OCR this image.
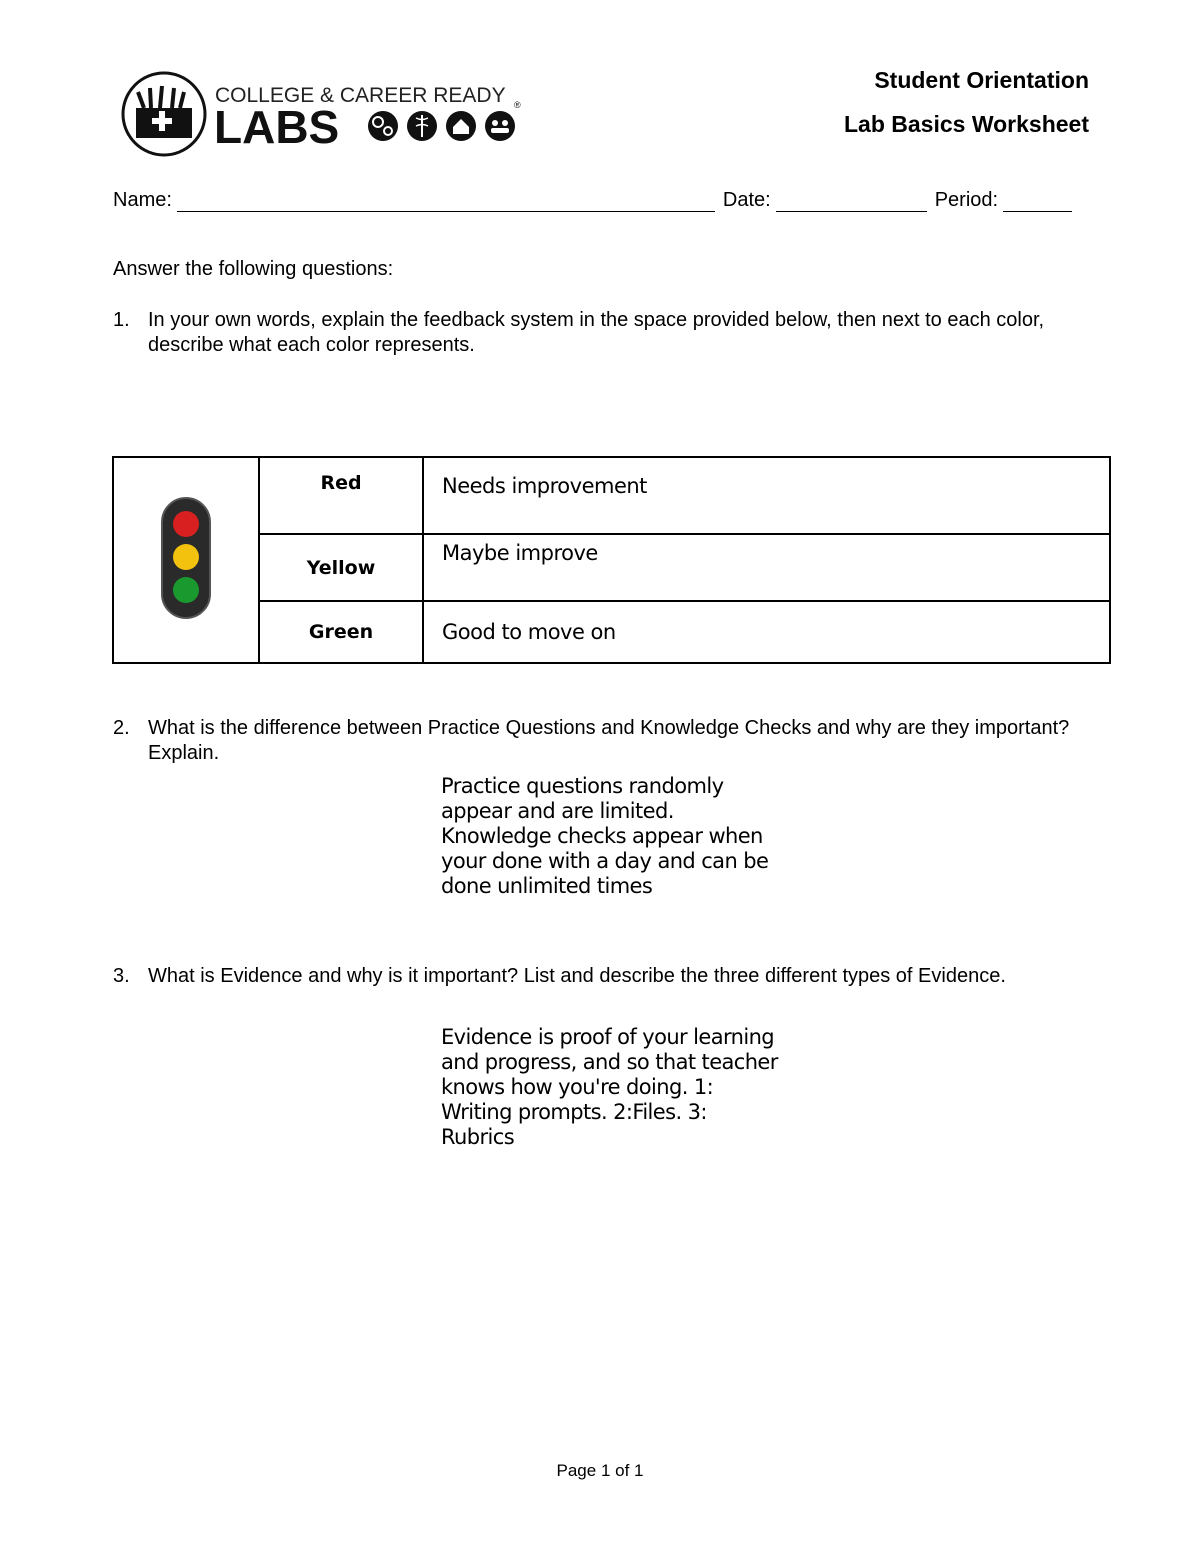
COLLEGE & CAREER READY
LABS	®
Student Orientation
Lab Basics Worksheet
Name:	Date:	Period:
Answer the following questions:
1. In your own words, explain the feedback system in the space provided below, then next to each color, describe what each color represents.
	Red	Needs improvement
	Yellow	Maybe improve
	Green	Good to move on
2. What is the difference between Practice Questions and Knowledge Checks and why are they important? Explain.
Practice questions randomly appear and are limited. Knowledge checks appear when your done with a day and can be done unlimited times
3. What is Evidence and why is it important? List and describe the three different types of Evidence.
Evidence is proof of your learning and progress, and so that teacher knows how you're doing. 1: Writing prompts. 2:Files. 3: Rubrics
Page 1 of 1
